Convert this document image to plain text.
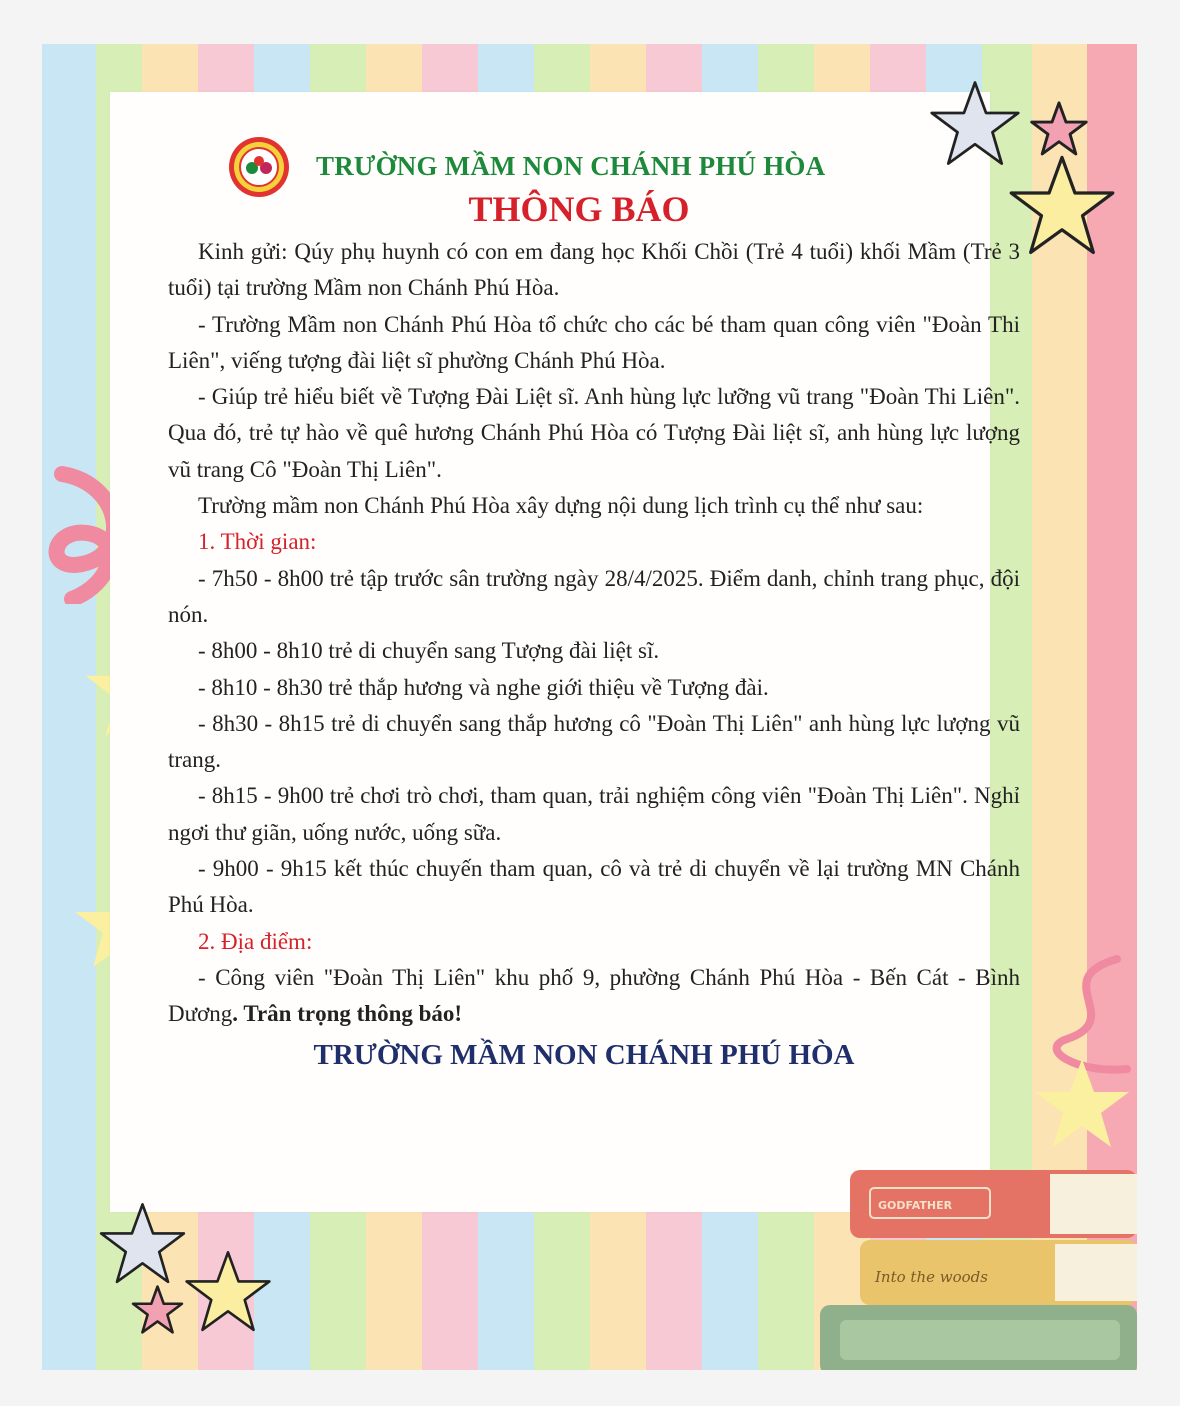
Into the woods
GODFATHER
TRƯỜNG MẦM NON CHÁNH PHÚ HÒA
THÔNG BÁO

Kinh gửi: Qúy phụ huynh có con em đang học Khối Chồi (Trẻ 4 tuổi) khối Mầm (Trẻ 3 tuổi) tại trường Mầm non Chánh Phú Hòa.

- Trường Mầm non Chánh Phú Hòa tổ chức cho các bé tham quan công viên "Đoàn Thi Liên", viếng tượng đài liệt sĩ phường Chánh Phú Hòa.

- Giúp trẻ hiểu biết về Tượng Đài Liệt sĩ. Anh hùng lực lưỡng vũ trang "Đoàn Thi Liên". Qua đó, trẻ tự hào về quê hương Chánh Phú Hòa có Tượng Đài liệt sĩ, anh hùng lực lượng vũ trang Cô "Đoàn Thị Liên".

Trường mầm non Chánh Phú Hòa xây dựng nội dung lịch trình cụ thể như sau:

1. Thời gian:

- 7h50 - 8h00 trẻ tập trước sân trường ngày 28/4/2025. Điểm danh, chỉnh trang phục, đội nón.

- 8h00 - 8h10 trẻ di chuyển sang Tượng đài liệt sĩ.

- 8h10 - 8h30 trẻ thắp hương và nghe giới thiệu về Tượng đài.

- 8h30 - 8h15 trẻ di chuyển sang thắp hương cô "Đoàn Thị Liên" anh hùng lực lượng vũ trang.

- 8h15 - 9h00 trẻ chơi trò chơi, tham quan, trải nghiệm công viên "Đoàn Thị Liên". Nghỉ ngơi thư giãn, uống nước, uống sữa.

- 9h00 - 9h15 kết thúc chuyến tham quan, cô và trẻ di chuyển về lại trường MN Chánh Phú Hòa.

2. Địa điểm:

- Công viên "Đoàn Thị Liên" khu phố 9, phường Chánh Phú Hòa - Bến Cát - Bình Dương. Trân trọng thông báo!

TRƯỜNG MẦM NON CHÁNH PHÚ HÒA
